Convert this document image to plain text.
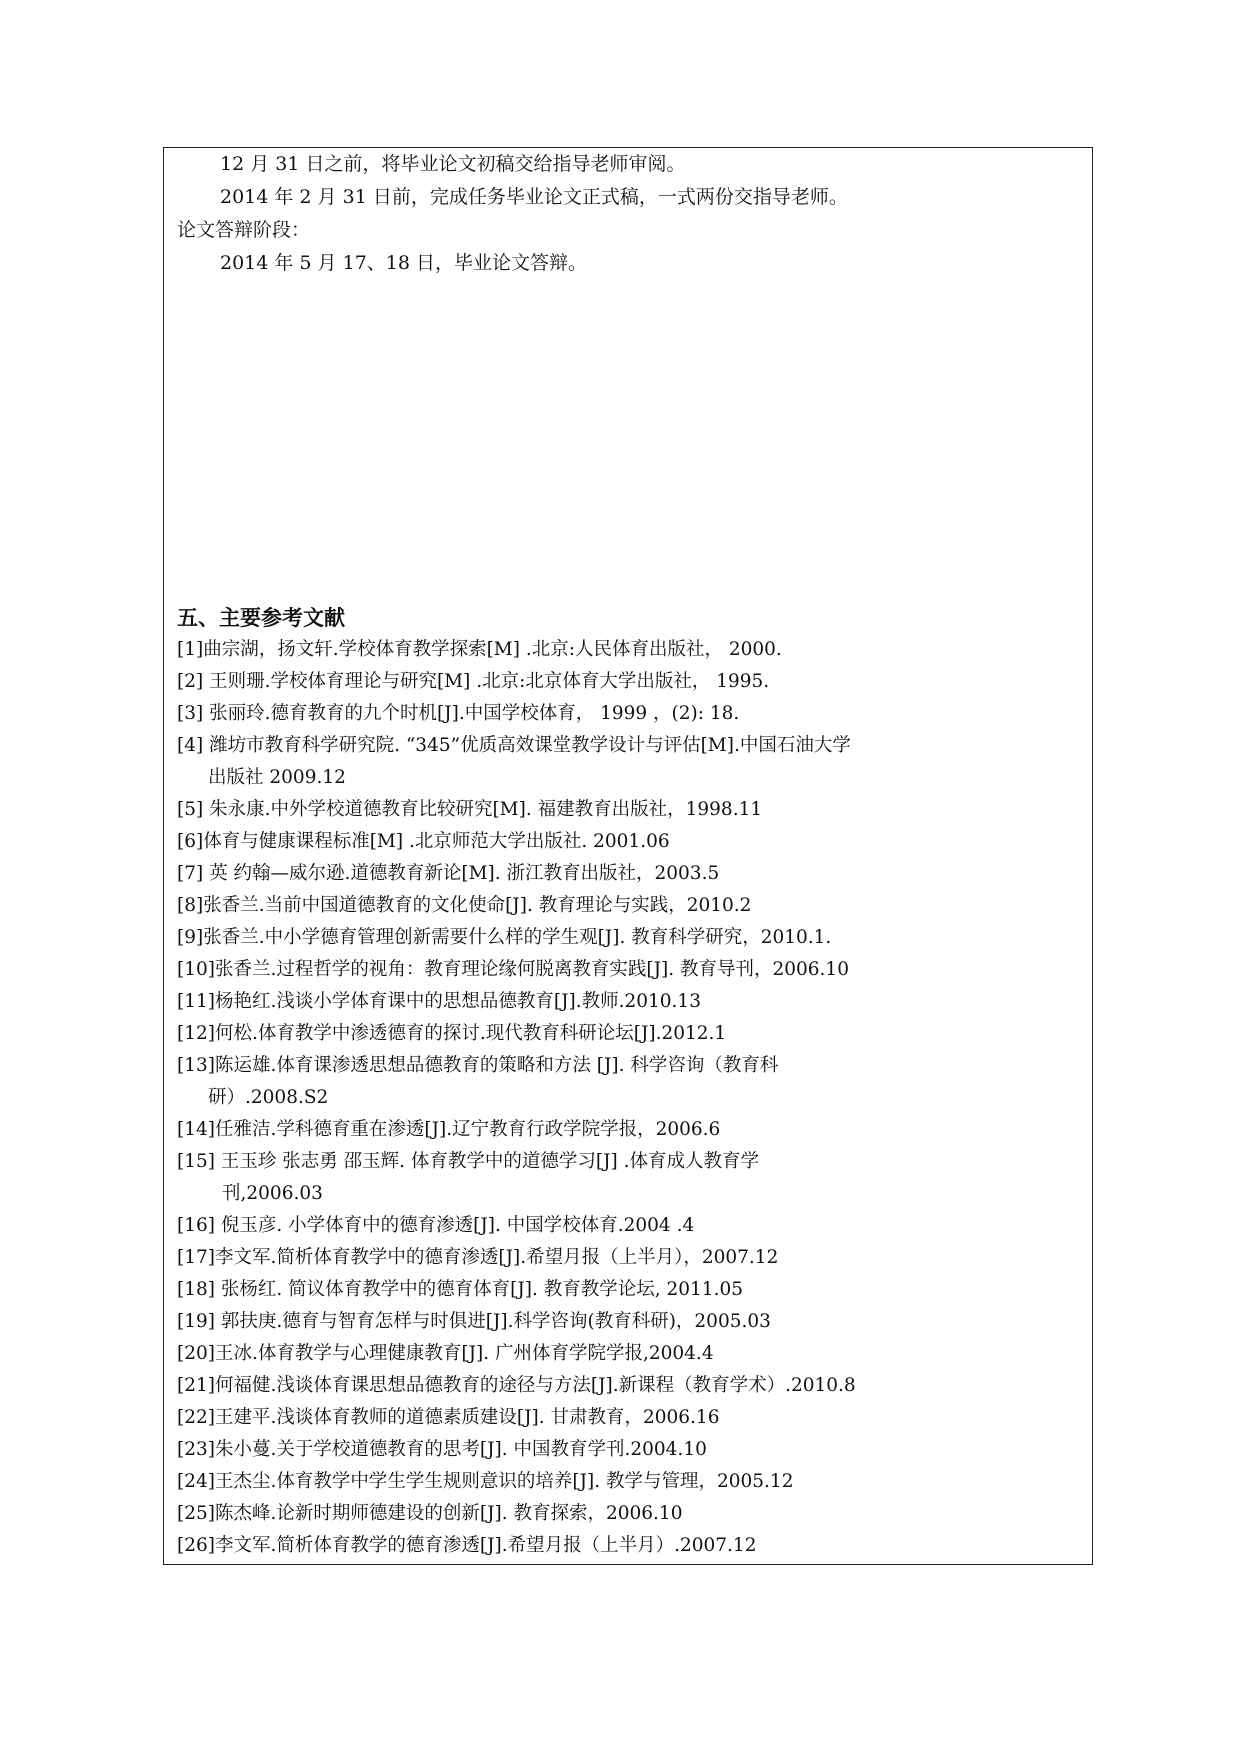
12 月 31 日之前，将毕业论文初稿交给指导老师审阅。
2014 年 2 月 31 日前，完成任务毕业论文正式稿，一式两份交指导老师。
论文答辩阶段：
2014 年 5 月 17、18 日，毕业论文答辩。
五、主要参考文献
[1]曲宗湖，扬文轩.学校体育教学探索[M] .北京:人民体育出版社， 2000.
[2] 王则珊.学校体育理论与研究[M] .北京:北京体育大学出版社， 1995.
[3] 张丽玲.德育教育的九个时机[J].中国学校体育， 1999 ，(2): 18.
[4] 潍坊市教育科学研究院. “345”优质高效课堂教学设计与评估[M].中国石油大学
出版社 2009.12
[5] 朱永康.中外学校道德教育比较研究[M]. 福建教育出版社，1998.11
[6]体育与健康课程标准[M] .北京师范大学出版社. 2001.06
[7] 英 约翰—威尔逊.道德教育新论[M]. 浙江教育出版社，2003.5
[8]张香兰.当前中国道德教育的文化使命[J]. 教育理论与实践，2010.2
[9]张香兰.中小学德育管理创新需要什么样的学生观[J]. 教育科学研究，2010.1.
[10]张香兰.过程哲学的视角：教育理论缘何脱离教育实践[J]. 教育导刊，2006.10
[11]杨艳红.浅谈小学体育课中的思想品德教育[J].教师.2010.13
[12]何松.体育教学中渗透德育的探讨.现代教育科研论坛[J].2012.1
[13]陈运雄.体育课渗透思想品德教育的策略和方法 [J]. 科学咨询（教育科
研）.2008.S2
[14]任雅洁.学科德育重在渗透[J].辽宁教育行政学院学报，2006.6
[15] 王玉珍 张志勇 邵玉辉. 体育教学中的道德学习[J] .体育成人教育学
刊,2006.03
[16] 倪玉彦. 小学体育中的德育渗透[J]. 中国学校体育.2004 .4
[17]李文军.简析体育教学中的德育渗透[J].希望月报（上半月），2007.12
[18] 张杨红. 简议体育教学中的德育体育[J]. 教育教学论坛, 2011.05
[19] 郭扶庚.德育与智育怎样与时俱进[J].科学咨询(教育科研)，2005.03
[20]王冰.体育教学与心理健康教育[J]. 广州体育学院学报,2004.4
[21]何福健.浅谈体育课思想品德教育的途径与方法[J].新课程（教育学术）.2010.8
[22]王建平.浅谈体育教师的道德素质建设[J]. 甘肃教育，2006.16
[23]朱小蔓.关于学校道德教育的思考[J]. 中国教育学刊.2004.10
[24]王杰尘.体育教学中学生学生规则意识的培养[J]. 教学与管理，2005.12
[25]陈杰峰.论新时期师德建设的创新[J]. 教育探索，2006.10
[26]李文军.简析体育教学的德育渗透[J].希望月报（上半月）.2007.12
